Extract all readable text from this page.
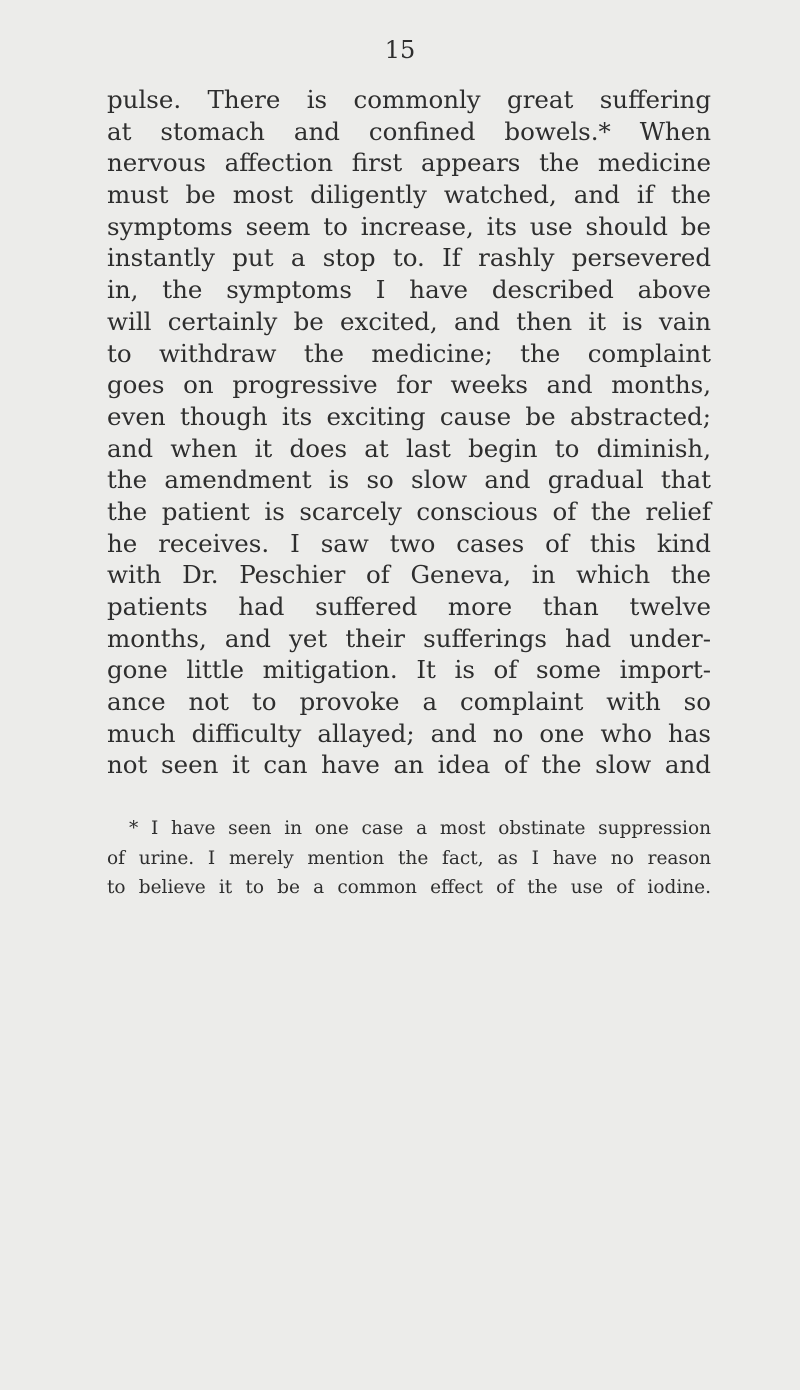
15
pulse. There is commonly great suffering
at stomach and confined bowels.* When
nervous affection first appears the medicine
must be most diligently watched, and if the
symptoms seem to increase, its use should be
instantly put a stop to. If rashly persevered
in, the symptoms I have described above
will certainly be excited, and then it is vain
to withdraw the medicine; the complaint
goes on progressive for weeks and months,
even though its exciting cause be abstracted;
and when it does at last begin to diminish,
the amendment is so slow and gradual that
the patient is scarcely conscious of the relief
he receives. I saw two cases of this kind
with Dr. Peschier of Geneva, in which the
patients had suffered more than twelve
months, and yet their sufferings had under-
gone little mitigation. It is of some import-
ance not to provoke a complaint with so
much difficulty allayed; and no one who has
not seen it can have an idea of the slow and
* I have seen in one case a most obstinate suppression
of urine. I merely mention the fact, as I have no reason
to believe it to be a common effect of the use of iodine.
